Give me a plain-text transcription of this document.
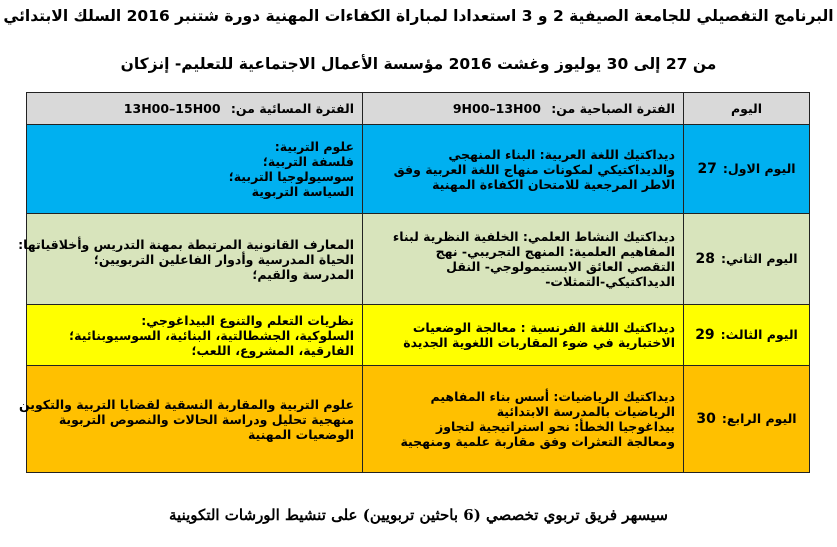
البرنامج التفصيلي للجامعة الصيفية 2 و 3 استعدادا لمباراة الكفاءات المهنية دورة شتنبر 2016 السلك الابتدائي
من 27 إلى 30 يوليوز وغشت 2016 مؤسسة الأعمال الاجتماعية للتعليم- إنزكان
اليوم	الفترة الصباحية من: 9H00–13H00	الفترة المسائية من: 13H00–15H00
اليوم الاول:27	ديداكتيك اللغة العربية: البناء المنهجي
والديداكتيكي لمكونات منهاج اللغة العربية وفق
الاطر المرجعية للامتحان الكفاءة المهنية	علوم التربية:
فلسفة التربية؛
سوسيولوجيا التربية؛
السياسة التربوية

اليوم الثاني:28	ديداكتيك النشاط العلمي: الخلفية النظرية لبناء
المفاهيم العلمية: المنهج التجريبي- نهج
التقصي العائق الابستيمولوجي- النقل
الديداكتيكي-التمثلات-	المعارف القانونية المرتبطة بمهنة التدريس وأخلاقياتها:
الحياة المدرسية وأدوار الفاعلين التربويين؛
المدرسة والقيم؛

اليوم الثالث:29	ديداكتيك اللغة الفرنسية : معالجة الوضعيات
الاختبارية في ضوء المقاربات اللغوية الجديدة	نظريات التعلم والتنوع البيداغوجي:
السلوكية، الجشطالتية، البنائية، السوسيوبنائية؛
الفارقية، المشروع، اللعب؛

اليوم الرابع:30	ديداكتيك الرياضيات: أسس بناء المفاهيم
الرياضيات بالمدرسة الابتدائية
بيداغوجيا الخطأ: نحو استراتيجية لتجاوز
ومعالجة التعثرات وفق مقاربة علمية ومنهجية	علوم التربية والمقاربة النسقية لقضايا التربية والتكوين
منهجية تحليل ودراسة الحالات والنصوص التربوية
الوضعيات المهنية
سيسهر فريق تربوي تخصصي (6 باحثين تربويين) على تنشيط الورشات التكوينية
